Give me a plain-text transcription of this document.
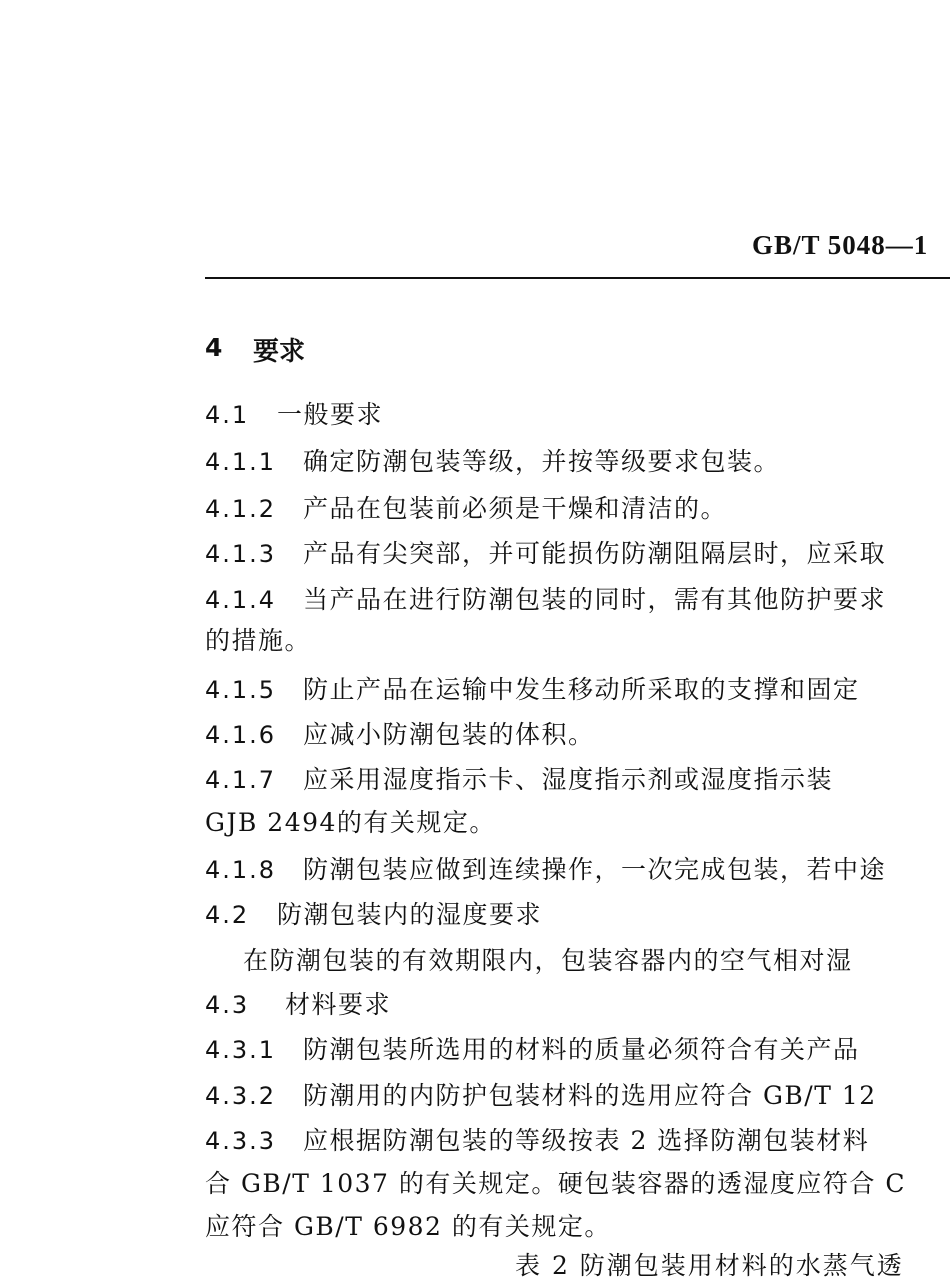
GB/T 5048—1
4 要求
4.1 一般要求
4.1.1 确定防潮包装等级，并按等级要求包装。
4.1.2 产品在包装前必须是干燥和清洁的。
4.1.3 产品有尖突部，并可能损伤防潮阻隔层时，应采取
4.1.4 当产品在进行防潮包装的同时，需有其他防护要求
的措施。
4.1.5 防止产品在运输中发生移动所采取的支撑和固定
4.1.6 应减小防潮包装的体积。
4.1.7 应采用湿度指示卡、湿度指示剂或湿度指示装
GJB 2494的有关规定。
4.1.8 防潮包装应做到连续操作，一次完成包装，若中途
4.2 防潮包装内的湿度要求
在防潮包装的有效期限内，包装容器内的空气相对湿
4.3 材料要求
4.3.1 防潮包装所选用的材料的质量必须符合有关产品
4.3.2 防潮用的内防护包装材料的选用应符合 GB/T 12
4.3.3 应根据防潮包装的等级按表 2 选择防潮包装材料
合 GB/T 1037 的有关规定。硬包装容器的透湿度应符合 C
应符合 GB/T 6982 的有关规定。
表 2 防潮包装用材料的水蒸气透
